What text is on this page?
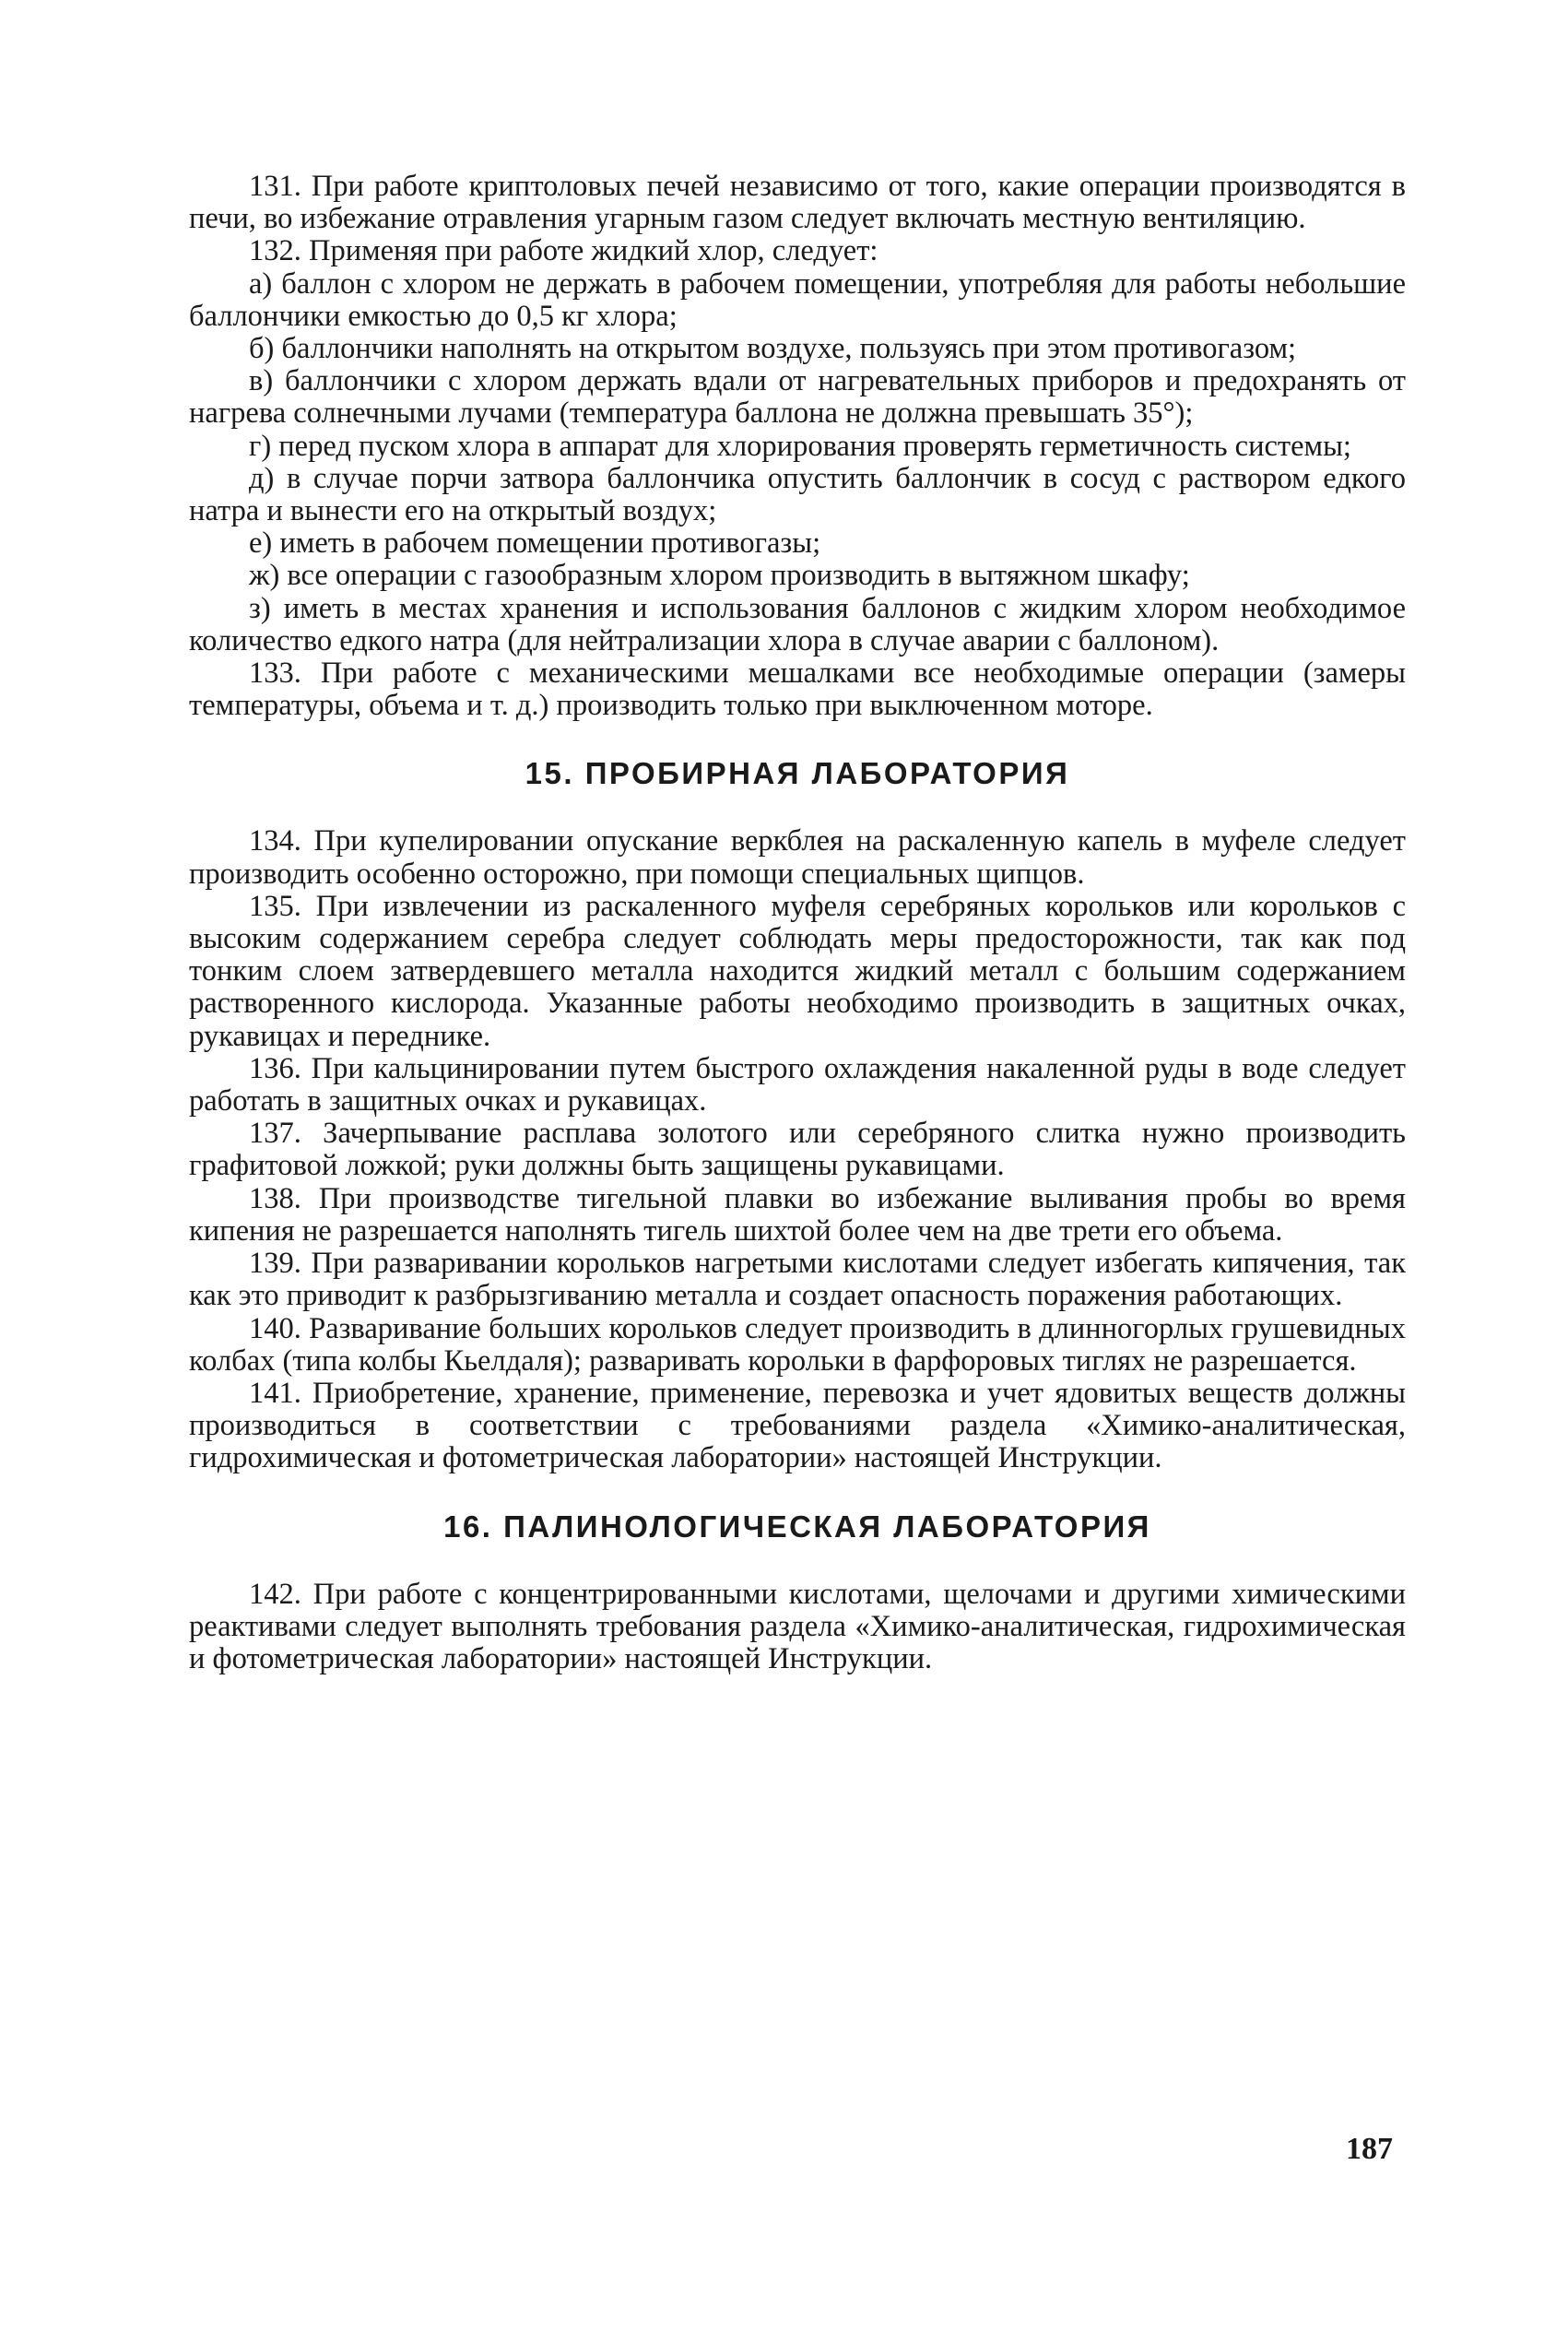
131. При работе криптоловых печей независимо от того, какие операции производятся в печи, во избежание отравления угарным газом следует включать местную вентиляцию.

132. Применяя при работе жидкий хлор, следует:

а) баллон с хлором не держать в рабочем помещении, употребляя для работы небольшие баллончики емкостью до 0,5 кг хлора;

б) баллончики наполнять на открытом воздухе, пользуясь при этом противогазом;

в) баллончики с хлором держать вдали от нагревательных приборов и предохранять от нагрева солнечными лучами (температура баллона не должна превышать 35°);

г) перед пуском хлора в аппарат для хлорирования проверять герметичность системы;

д) в случае порчи затвора баллончика опустить баллончик в сосуд с раствором едкого натра и вынести его на открытый воздух;

е) иметь в рабочем помещении противогазы;

ж) все операции с газообразным хлором производить в вытяжном шкафу;

з) иметь в местах хранения и использования баллонов с жидким хлором необходимое количество едкого натра (для нейтрализации хлора в случае аварии с баллоном).

133. При работе с механическими мешалками все необходимые операции (замеры температуры, объема и т. д.) производить только при выключенном моторе.

15. ПРОБИРНАЯ ЛАБОРАТОРИЯ

134. При купелировании опускание веркблея на раскаленную капель в муфеле следует производить особенно осторожно, при помощи специальных щипцов.

135. При извлечении из раскаленного муфеля серебряных корольков или корольков с высоким содержанием серебра следует соблюдать меры предосторожности, так как под тонким слоем затвердевшего металла находится жидкий металл с большим содержанием растворенного кислорода. Указанные работы необходимо производить в защитных очках, рукавицах и переднике.

136. При кальцинировании путем быстрого охлаждения накаленной руды в воде следует работать в защитных очках и рукавицах.

137. Зачерпывание расплава золотого или серебряного слитка нужно производить графитовой ложкой; руки должны быть защищены рукавицами.

138. При производстве тигельной плавки во избежание выливания пробы во время кипения не разрешается наполнять тигель шихтой более чем на две трети его объема.

139. При разваривании корольков нагретыми кислотами следует избегать кипячения, так как это приводит к разбрызгиванию металла и создает опасность поражения работающих.

140. Разваривание больших корольков следует производить в длинногорлых грушевидных колбах (типа колбы Кьелдаля); разваривать корольки в фарфоровых тиглях не разрешается.

141. Приобретение, хранение, применение, перевозка и учет ядовитых веществ должны производиться в соответствии с требованиями раздела «Химико-аналитическая, гидрохимическая и фотометрическая лаборатории» настоящей Инструкции.

16. ПАЛИНОЛОГИЧЕСКАЯ ЛАБОРАТОРИЯ

142. При работе с концентрированными кислотами, щелочами и другими химическими реактивами следует выполнять требования раздела «Химико-аналитическая, гидрохимическая и фотометрическая лаборатории» настоящей Инструкции.

187
